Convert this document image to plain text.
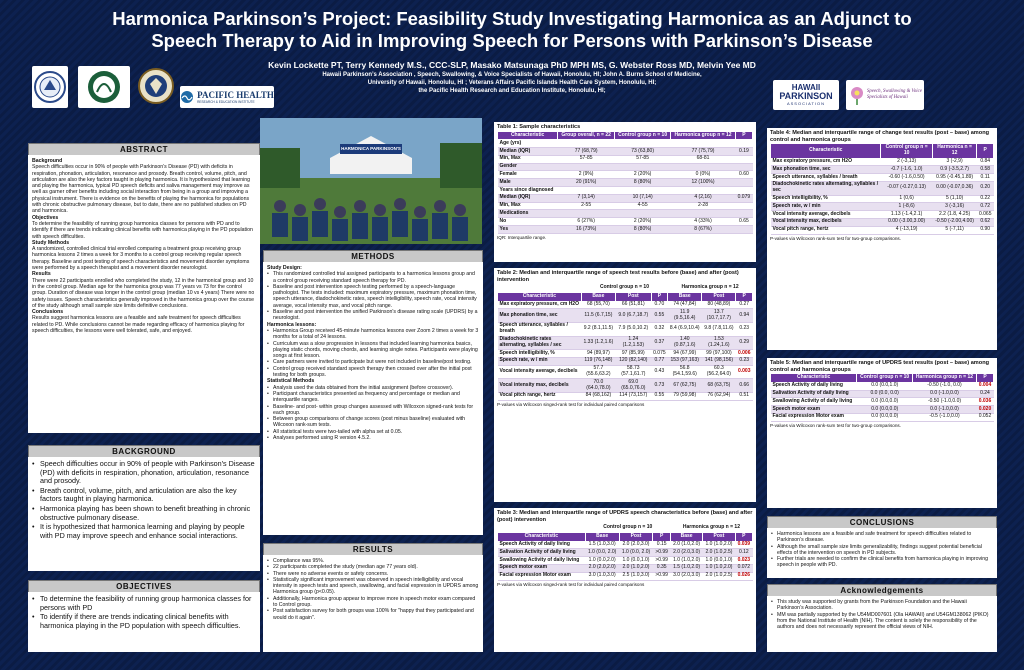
Harmonica Parkinson’s Project: Feasibility Study Investigating Harmonica as an Adjunct to
Speech Therapy to Aid in Improving Speech for Persons with Parkinson’s Disease
Kevin Lockette PT, Terry Kennedy M.S., CCC-SLP, Masako Matsunaga PhD MPH MS, G. Webster Ross MD, Melvin Yee MD
Hawaii Parkinson’s Association , Speech, Swallowing, & Voice Specialists of Hawaii, Honolulu, HI; John A. Burns School of Medicine,
University of Hawaii, Honolulu, HI ; Veterans Affairs Pacific Islands Health Care System, Honolulu, HI;
the Pacific Health Research and Education Institute, Honolulu, HI;
PACIFIC HEALTH
RESEARCH & EDUCATION INSTITUTE
HAWAII
PARKINSON
ASSOCIATION
Speech, Swallowing & Voice
Specialists of Hawaii
ABSTRACT
Background
Speech difficulties occur in 90% of people with Parkinson’s Disease (PD) with deficits in respiration, phonation, articulation, resonance and prosody. Breath control, volume, pitch, and articulation are also the key factors taught in playing harmonica. It is hypothesized that learning and playing the harmonica, typical PD speech deficits and saliva management may improve as well as garner other benefits including social interaction from being in a group and improving a physical instrument. There is evidence on the benefits of playing the harmonica for populations with chronic obstructive pulmonary disease, but to date, there are no published studies on PD and harmonica.
Objectives
To determine the feasibility of running group harmonica classes for persons with PD and to identify if there are trends indicating clinical benefits with harmonica playing in the PD population with speech difficulties.
Study Methods
A randomized, controlled clinical trial enrolled comparing a treatment group receiving group harmonica lessons 2 times a week for 3 months to a control group receiving regular speech therapy. Baseline and post testing of speech characteristics and movement disorder symptoms were performed by a speech therapist and a movement disorder neurologist.
Results
There were 22 participants enrolled who completed the study, 12 in the harmonical group and 10 in the control group. Median age for the harmonica group was 77 years vs 73 for the control group. Duration of disease was longer in the control group (median 10 vs 4 years) There were no safety issues. Speech characteristics generally improved in the harmonica group over the course of the study although small sample size limits definitive conclusions.
Conclusions
Results suggest harmonica lessons are a feasible and safe treatment for speech difficulties related to PD. While conclusions cannot be made regarding efficacy of harmonica playing for speech difficulties, the lessons were well tolerated, safe, and enjoyed.
BACKGROUND
• Speech difficulties occur in 90% of people with Parkinson's Disease (PD) with deficits in respiration, phonation, articulation, resonance and prosody.
• Breath control, volume, pitch, and articulation are also the key factors taught in playing harmonica.
• Harmonica playing has been shown to benefit breathing in chronic obstructive pulmonary disease.
• It is hypothesized that harmonica learning and playing by people with PD may improve speech and enhance social interactions.
OBJECTIVES
• To determine the feasibility of running group harmonica classes for persons with PD
• To identify if there are trends indicating clinical benefits with harmonica playing in the PD population with speech difficulties.
HARMONICA PARKINSON'S
METHODS
Study Design:
• This randomized controlled trial assigned participants to a harmonica lessons group and a control group receiving standard speech therapy for PD.
• Baseline and post intervention speech testing performed by a speech-language pathologist. The tests included: maximum expiratory pressure, maximum phonation time, speech utterance, diadochokinetic rates, speech intelligibility, speech rate, vocal intensity average, vocal intensity max, and vocal pitch range.
• Baseline and post intervention the unified Parkinson's disease rating scale (UPDRS) by a neurologist.
Harmonica lessons:
• Harmonica Group received 45-minute harmonica lessons over Zoom 2 times a week for 3 months for a total of 24 lessons.
• Curriculum was a slow progression in lessons that included learning harmonica basics, playing static chords, moving chords, and learning single notes. Participants were playing songs at first lesson.
• Care partners were invited to participate but were not included in baseline/post testing.
• Control group received standard speech therapy then crossed over after the initial post testing for both groups.
Statistical Methods
• Analysis used the data obtained from the initial assignment (before crossover).
• Participant characteristics presented as frequency and percentage or median and interquartile ranges.
• Baseline- and post- within group changes assessed with Wilcoxon signed-rank tests for each group.
• Between group comparisons of change scores (post minus baseline) evaluated with Wilcoxon rank-sum tests.
• All statistical tests were two-tailed with alpha set at 0.05.
• Analyses performed using R version 4.5.2.
RESULTS
• Compliance was 95%.
• 22 participants completed the study (median age 77 years old).
• There were no adverse events or safety concerns.
• Statistically significant improvement was observed in speech intelligibility and vocal intensity in speech tests and speech, swallowing, and facial expression in UPDRS among Harmonica group (p<0.05).
• Additionally, Harmonica group appear to improve more in speech motor exam compared to Control group.
• Post satisfaction survey for both groups was 100% for "happy that they participated and would do it again".
Table 1: Sample characteristics
Characteristic	Group overall, n = 22	Control group n = 10	Harmonica group n = 12	P
Age (yrs)				
Median (IQR)	77 (68,79)	73 (63,80)	77 (75,79)	0.19
Min, Max	57-85	57-85	68-81	
Gender				
Female	2 (9%)	2 (20%)	0 (0%)	0.60
Male	20 (91%)	8 (80%)	12 (100%)	
Years since diagnosed				
Median (IQR)	7 (3,14)	10 (7,14)	4 (2,16)	0.079
Min, Max	2-55	4-55	2-28	
Medications				
No	6 (27%)	2 (20%)	4 (33%)	0.65
Yes	16 (73%)	8 (80%)	8 (67%)	
IQR: Interquartile range.
Table 2: Median and interquartile range of speech test results before (base) and after (post) intervention
	Control group n = 10			Harmonica group n = 12		
Characteristic	Base	Post	P	Base	Post	P
Max expiratory pressure, cm H2O	68 (55,70)	66 (51,81)	0.70	74 (47,84)	80 (48,89)	0.27
Max phonation time, sec	11.5 (6.7,15)	9.0 (6.7,18.7)	0.55	11.9 (9.5,16.4)	13.7 (10.7,17.7)	0.94
Speech utterance, syllables / breath	9.2 (8.1,11.5)	7.9 (5.0,10.2)	0.32	8.4 (6.9,10.4)	9.8 (7.8,11.6)	0.23
Diadochokinetic rates alternating, syllables / sec	1.33 (1.2,1.6)	1.24 (1.2,1.53)	0.37	1.40 (0.87,1.6)	1.53 (1.24,1.6)	0.29
Speech intelligibility, %	94 (89,97)	97 (85,99)	0.075	94 (67,99)	99 (97,100)	0.006
Speech rate, w / min	119 (76,148)	120 (82,140)	0.77	153 (97,163)	141 (98,156)	0.23
Vocal intensity average, decibels	57.7 (55.6,63.2)	58.73 (57.1,61.7)	0.43	56.8 (54.1,59.6)	60.3 (56.2,64.0)	0.003
Vocal intensity max, decibels	70.0 (64.0,78.0)	69.0 (65.0,76.0)	0.73	67 (62,75)	68 (63,75)	0.66
Vocal pitch range, hertz	84 (68,162)	114 (73,157)	0.55	79 (59,98)	76 (62,94)	0.51
P-values via Wilcoxon singed-rank test for individual paired comparisons
Table 3: Median and interquartile range of UPDRS speech characteristics before (base) and after (post) intervention
	Control group n = 10			Harmonica group n = 12		
Characteristic	Base	Post	P	Base	Post	P
Speech Activity of daily living	1.5 (1.0,3.0)	2.0 (2.0,3.0)	0.15	2.0 (1.0,2.0)	1.0 (1.0,2.0)	0.039
Salivation Activity of daily living	1.0 (0.0, 2.0)	1.0 (0.0, 2.0)	>0.99	2.0 (2.0,3.0)	2.0 (1.0,2.5)	0.12
Swallowing Activity of daily living	1.0 (0.0,2.0)	1.0 (0.0,1.0)	>0.99	1.0 (1.0,2.0)	1.0 (0.0,1.0)	0.023
Speech motor exam	2.0 (2.0,2.0)	2.0 (1.0,2.0)	0.35	1.5 (1.0,2.0)	1.0 (1.0,2.0)	0.072
Facial expression Motor exam	3.0 (1.0,3.0)	2.5 (1.0,3.0)	>0.99	3.0 (2.0,3.0)	2.0 (1.0,2.5)	0.026
P-values via Wilcoxon singed-rank test for individual paired comparisons
Table 4: Median and interquartile range of change test results (post – base) among control and harmonica groups
Characteristic	Control group n = 10	Harmonica n = 12	P
Max expiratory pressure, cm H2O	2 (-3,13)	3 (-2,9)	0.84
Max phonation time, sec	-0.7 (-1.6, 1.0)	0.9 (-3.5,2.7)	0.58
Speech utterance, syllables / breath	-0.60 (-1.6,0.50)	0.95 (-0.45,1.89)	0.11
Diadochokinetic rates alternating, syllables / sec	-0.07 (-0.27,0.13)	0.00 (-0.07,0.36)	0.20
Speech intelligibility, %	1 (0,6)	5 (1,10)	0.22
Speech rate, w / min	1 (-8,6)	3 (-3,16)	0.72
Vocal intensity average, decibels	1.13 (-1.4,2.1)	2.2 (1.8, 4.25)	0.065
Vocal intensity max, decibels	0.00 (-3.00,3.00)	-0.50 (-2.00,4.00)	0.62
Vocal pitch range, hertz	4 (-13,19)	5 (-7,11)	0.90
P-values via Wilcoxon rank-sum test for two-group comparisons.
Table 5: Median and interquartile range of UPDRS test results (post – base) among control and harmonica groups
Characteristic	Control group n = 10	Harmonica group n = 12	P
Speech Activity of daily living	0.0 (0.0,1.0)	-0.50 (-1.0, 0.0)	0.004
Salivation Activity of daily living	0.0 (0.0, 0.0)	0.0 (-1.0,0.0)	0.24
Swallowing Activity of daily living	0.0 (0.0,0.0)	-0.50 (-1.0,0.0)	0.036
Speech motor exam	0.0 (0.0,0.0)	0.0 (-1.0,0.0)	0.020
Facial expression Motor exam	0.0 (0.0,0.0)	-0.5 (-1.0,0.0)	0.052
P-values via Wilcoxon rank-sum test for two-group comparisons.
CONCLUSIONS
• Harmonica lessons are a feasible and safe treatment for speech difficulties related to Parkinson’s disease.
• Although the small sample size limits generalizability, findings suggest potential beneficial effects of the intervention on speech in PD subjects.
• Further trials are needed to confirm the clinical benefits from harmonica playing in improving speech in people with PD.
Acknowledgements
• This study was supported by grants from the Parkinson Foundation and the Hawaii Parkinson’s Association.
• MM was partially supported by the U54MD007601 (Ola HAWAII) and U54GM138062 (PIKO) from the National Institute of Health (NIH). The content is solely the responsibility of the authors and does not necessarily represent the official views of NIH.
